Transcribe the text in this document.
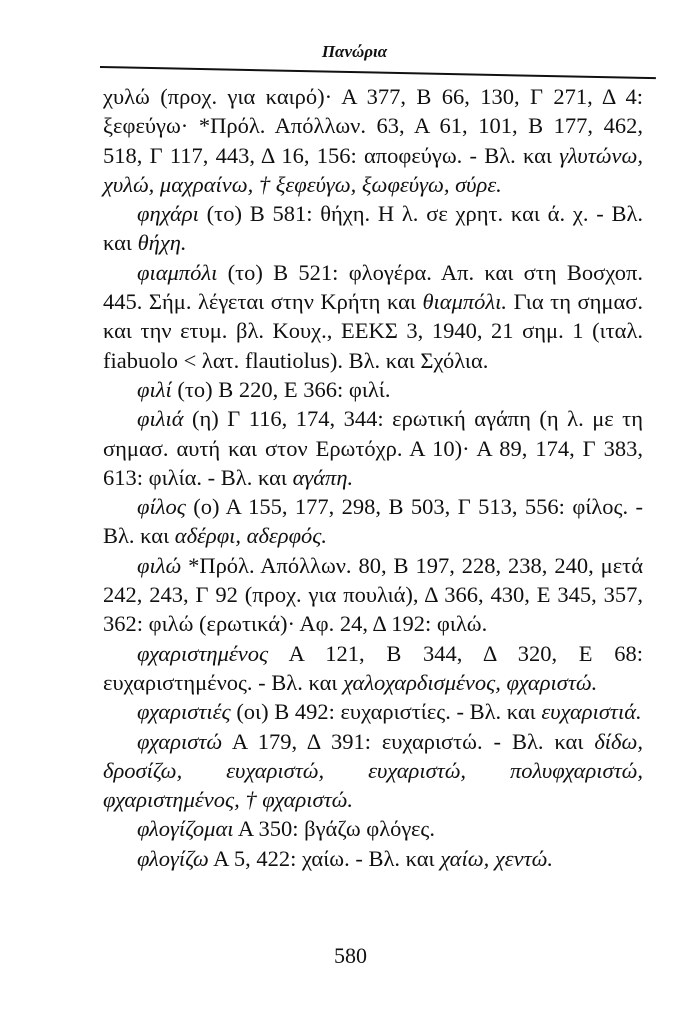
Πανώρια

χυλώ (προχ. για καιρό)· Α 377, Β 66, 130, Γ 271, Δ 4: ξεφεύγω· *Πρόλ. Απόλλων. 63, Α 61, 101, Β 177, 462, 518, Γ 117, 443, Δ 16, 156: αποφεύγω. - Βλ. και γλυτώνω, χυλώ, μαχραίνω, † ξεφεύγω, ξωφεύγω, σύρε.

φηχάρι (το) Β 581: θήχη. Η λ. σε χρητ. και ά. χ. - Βλ. και θήχη.

φιαμπόλι (το) Β 521: φλογέρα. Απ. και στη Βοσχοπ. 445. Σήμ. λέγεται στην Κρήτη και θιαμπόλι. Για τη σημασ. και την ετυμ. βλ. Κουχ., ΕΕΚΣ 3, 1940, 21 σημ. 1 (ιταλ. fiabuolo < λατ. flautiolus). Βλ. και Σχόλια.

φιλί (το) Β 220, Ε 366: φιλί.

φιλιά (η) Γ 116, 174, 344: ερωτική αγάπη (η λ. με τη σημασ. αυτή και στον Ερωτόχρ. Α 10)· Α 89, 174, Γ 383, 613: φιλία. - Βλ. και αγάπη.

φίλος (ο) Α 155, 177, 298, Β 503, Γ 513, 556: φίλος. - Βλ. και αδέρφι, αδερφός.

φιλώ *Πρόλ. Απόλλων. 80, Β 197, 228, 238, 240, μετά 242, 243, Γ 92 (προχ. για πουλιά), Δ 366, 430, Ε 345, 357, 362: φιλώ (ερωτικά)· Αφ. 24, Δ 192: φιλώ.

φχαριστημένος Α 121, Β 344, Δ 320, Ε 68: ευχαριστημένος. - Βλ. και χαλοχαρδισμένος, φχαριστώ.

φχαριστιές (οι) Β 492: ευχαριστίες. - Βλ. και ευχαριστιά.

φχαριστώ Α 179, Δ 391: ευχαριστώ. - Βλ. και δίδω, δροσίζω, ευχαριστώ, ευχαριστώ, πολυφχαριστώ, φχαριστημένος, † φχαριστώ.

φλογίζομαι Α 350: βγάζω φλόγες.

φλογίζω Α 5, 422: χαίω. - Βλ. και χαίω, χεντώ.

580
